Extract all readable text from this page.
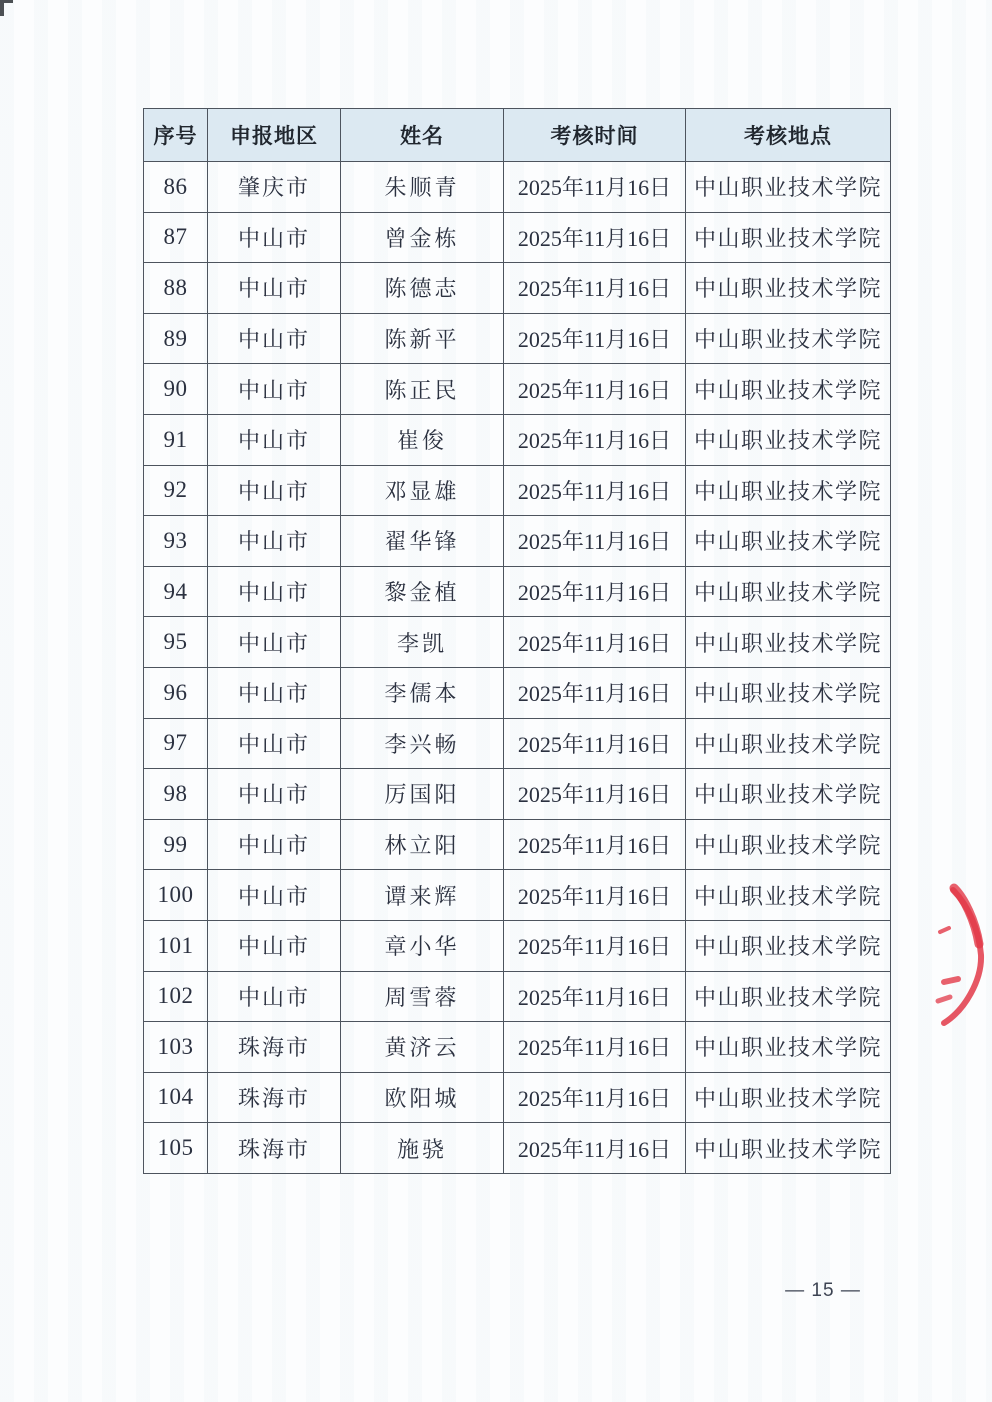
序号	申报地区	姓名	考核时间	考核地点
86	肇庆市	朱顺青	2025年11月16日	中山职业技术学院
87	中山市	曾金栋	2025年11月16日	中山职业技术学院
88	中山市	陈德志	2025年11月16日	中山职业技术学院
89	中山市	陈新平	2025年11月16日	中山职业技术学院
90	中山市	陈正民	2025年11月16日	中山职业技术学院
91	中山市	崔俊	2025年11月16日	中山职业技术学院
92	中山市	邓显雄	2025年11月16日	中山职业技术学院
93	中山市	翟华锋	2025年11月16日	中山职业技术学院
94	中山市	黎金植	2025年11月16日	中山职业技术学院
95	中山市	李凯	2025年11月16日	中山职业技术学院
96	中山市	李儒本	2025年11月16日	中山职业技术学院
97	中山市	李兴畅	2025年11月16日	中山职业技术学院
98	中山市	厉国阳	2025年11月16日	中山职业技术学院
99	中山市	林立阳	2025年11月16日	中山职业技术学院
100	中山市	谭来辉	2025年11月16日	中山职业技术学院
101	中山市	章小华	2025年11月16日	中山职业技术学院
102	中山市	周雪蓉	2025年11月16日	中山职业技术学院
103	珠海市	黄济云	2025年11月16日	中山职业技术学院
104	珠海市	欧阳城	2025年11月16日	中山职业技术学院
105	珠海市	施骁	2025年11月16日	中山职业技术学院
— 15 —
